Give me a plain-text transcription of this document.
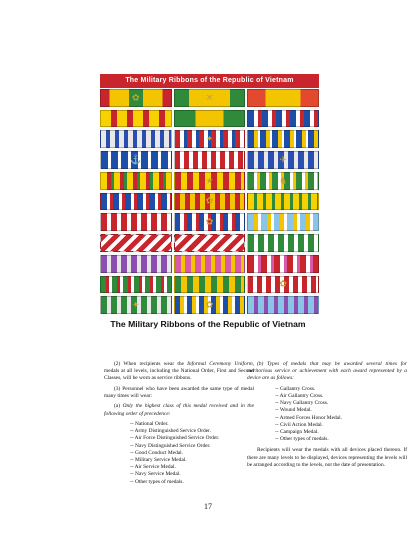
The Military Ribbons of the Republic of Vietnam
✿	✕
✦
⚓	✈
★	♞
✿
✿
✿
✦	✿
The Military Ribbons of the Republic of Vietnam

(2) When recipients wear the Informal Ceremony Uniform, medals at all levels, including the National Order, First and Second Classes, will be worn as service ribbons.

(3) Personnel who have been awarded the same type of medal many times will wear:

(a) Only the highest class of this medal received and in the following order of precedence:

-- National Order.
-- Army Distinguished Service Order.
-- Air Force Distinguished Service Order.
-- Navy Distinguished Service Order.
-- Good Conduct Medal.
-- Military Service Medal.
-- Air Service Medal.
-- Navy Service Medal.
-- Other types of medals.

(b) Types of medals that may be awarded several times for meritorious service or achievement with each award represented by a device are as follows:

-- Gallantry Cross.
-- Air Gallantry Cross.
-- Navy Gallantry Cross.
-- Wound Medal.
-- Armed Forces Honor Medal.
-- Civil Action Medal.
-- Campaign Medal.
-- Other types of medals.

Recipients will wear the medals with all devices placed thereon. If there are many levels to be displayed, devices representing the levels will be arranged according to the levels, not the date of presentation.

17
